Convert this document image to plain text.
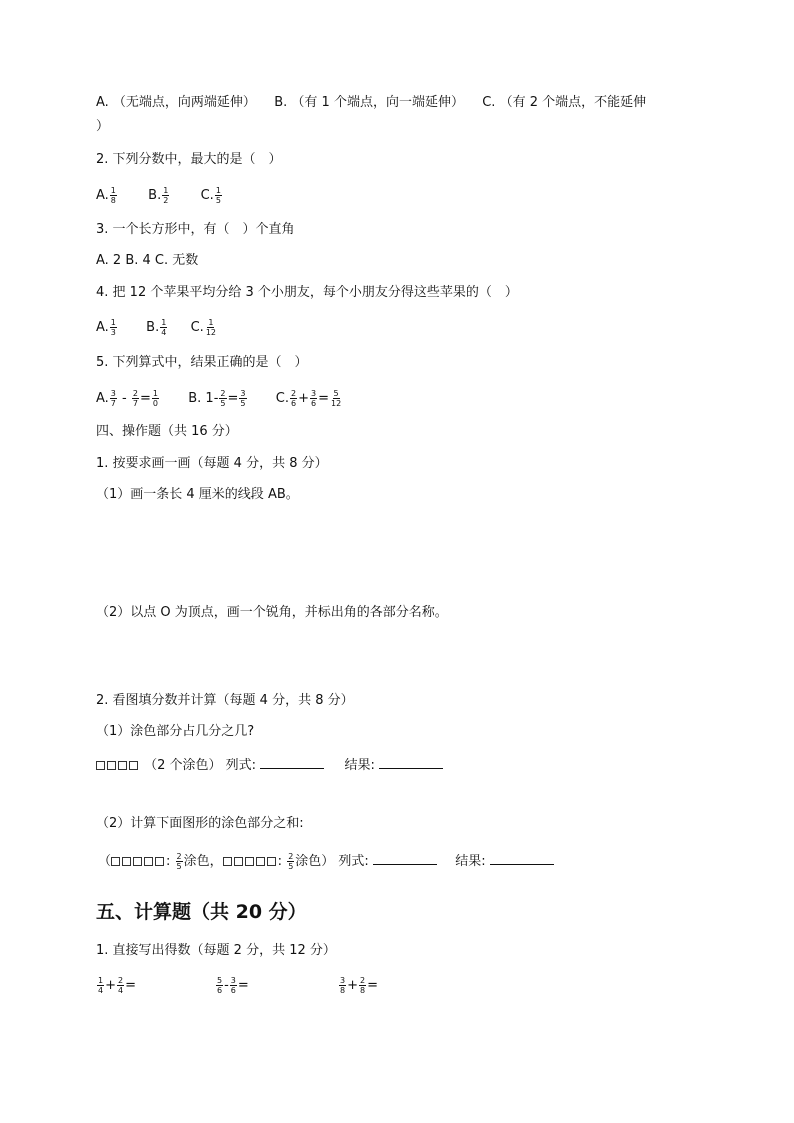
A. （无端点，向两端延伸） B. （有 1 个端点，向一端延伸） C. （有 2 个端点，不能延伸
）
2. 下列分数中，最大的是（　）
A. $\frac{1}{8} B$. $\frac{1}{2} C$. $\frac{1}{5}$
3. 一个长方形中，有（　）个直角
A. 2 B. 4 C. 无数
4. 把 12 个苹果平均分给 3 个小朋友，每个小朋友分得这些苹果的（　）
A. $\frac{1}{3} B$. $\frac{1}{4} C$. $\frac{1}{12}$
5. 下列算式中，结果正确的是（　）
A. $\frac{3}{7} - \frac{2}{7} = \frac{1}{0} B$. $1- \frac{2}{5} = \frac{3}{5} C$. $\frac{2}{6} + \frac{3}{6} = \frac{5}{12}$
四、操作题（共 16 分）
1. 按要求画一画（每题 4 分，共 8 分）
（1）画一条长 4 厘米的线段 AB。
（2）以点 O 为顶点，画一个锐角，并标出角的各部分名称。
2. 看图填分数并计算（每题 4 分，共 8 分）
（1）涂色部分占几分之几?
（2 个涂色） 列式:	结果:
（2）计算下面图形的涂色部分之和:
（	: $\frac{2}{5}$ 涂色，	: $\frac{2}{5}$ 涂色） 列式:	结果:
五、计算题（共 20 分）
1. 直接写出得数（每题 2 分，共 12 分）
$\frac{1}{4} + \frac{2}{4}$ =	$\frac{5}{6} - \frac{3}{6}$ =	$\frac{3}{8} + \frac{2}{8}$ =
